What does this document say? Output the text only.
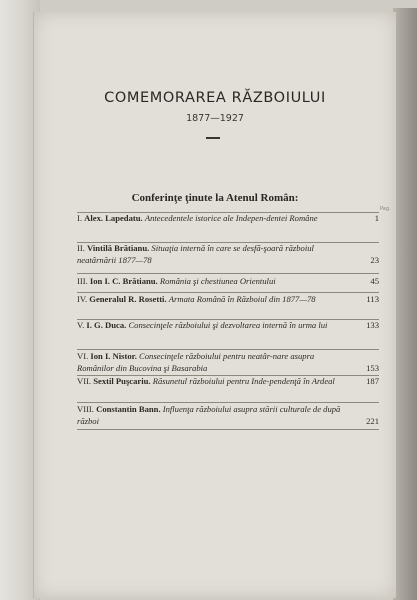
COMEMORAREA RĂZBOIULUI
1877—1927
Conferinţe ţinute la Atenul Român:
Pag.
I. Alex. Lapedatu. Antecedentele istorice ale Indepen-dentei Române	1
II. Vintilă Brătianu. Situaţia internă în care se desfă-şoară războiul neatârnării 1877—78	23
III. Ion I. C. Brătianu. România şi chestiunea Orientului	45
IV. Generalul R. Rosetti. Armata Română în Războiul din 1877—78	113
V. I. G. Duca. Consecinţele războiului şi dezvoltarea internă în urma lui	133
VI. Ion I. Nistor. Consecinţele războiului pentru neatâr-nare asupra Românilor din Bucovina şi Basarabia	153
VII. Sextil Puşcariu. Răsunetul războiului pentru Inde-pendenţă în Ardeal	187
VIII. Constantin Bann. Influenţa războiului asupra stării culturale de după război	221
